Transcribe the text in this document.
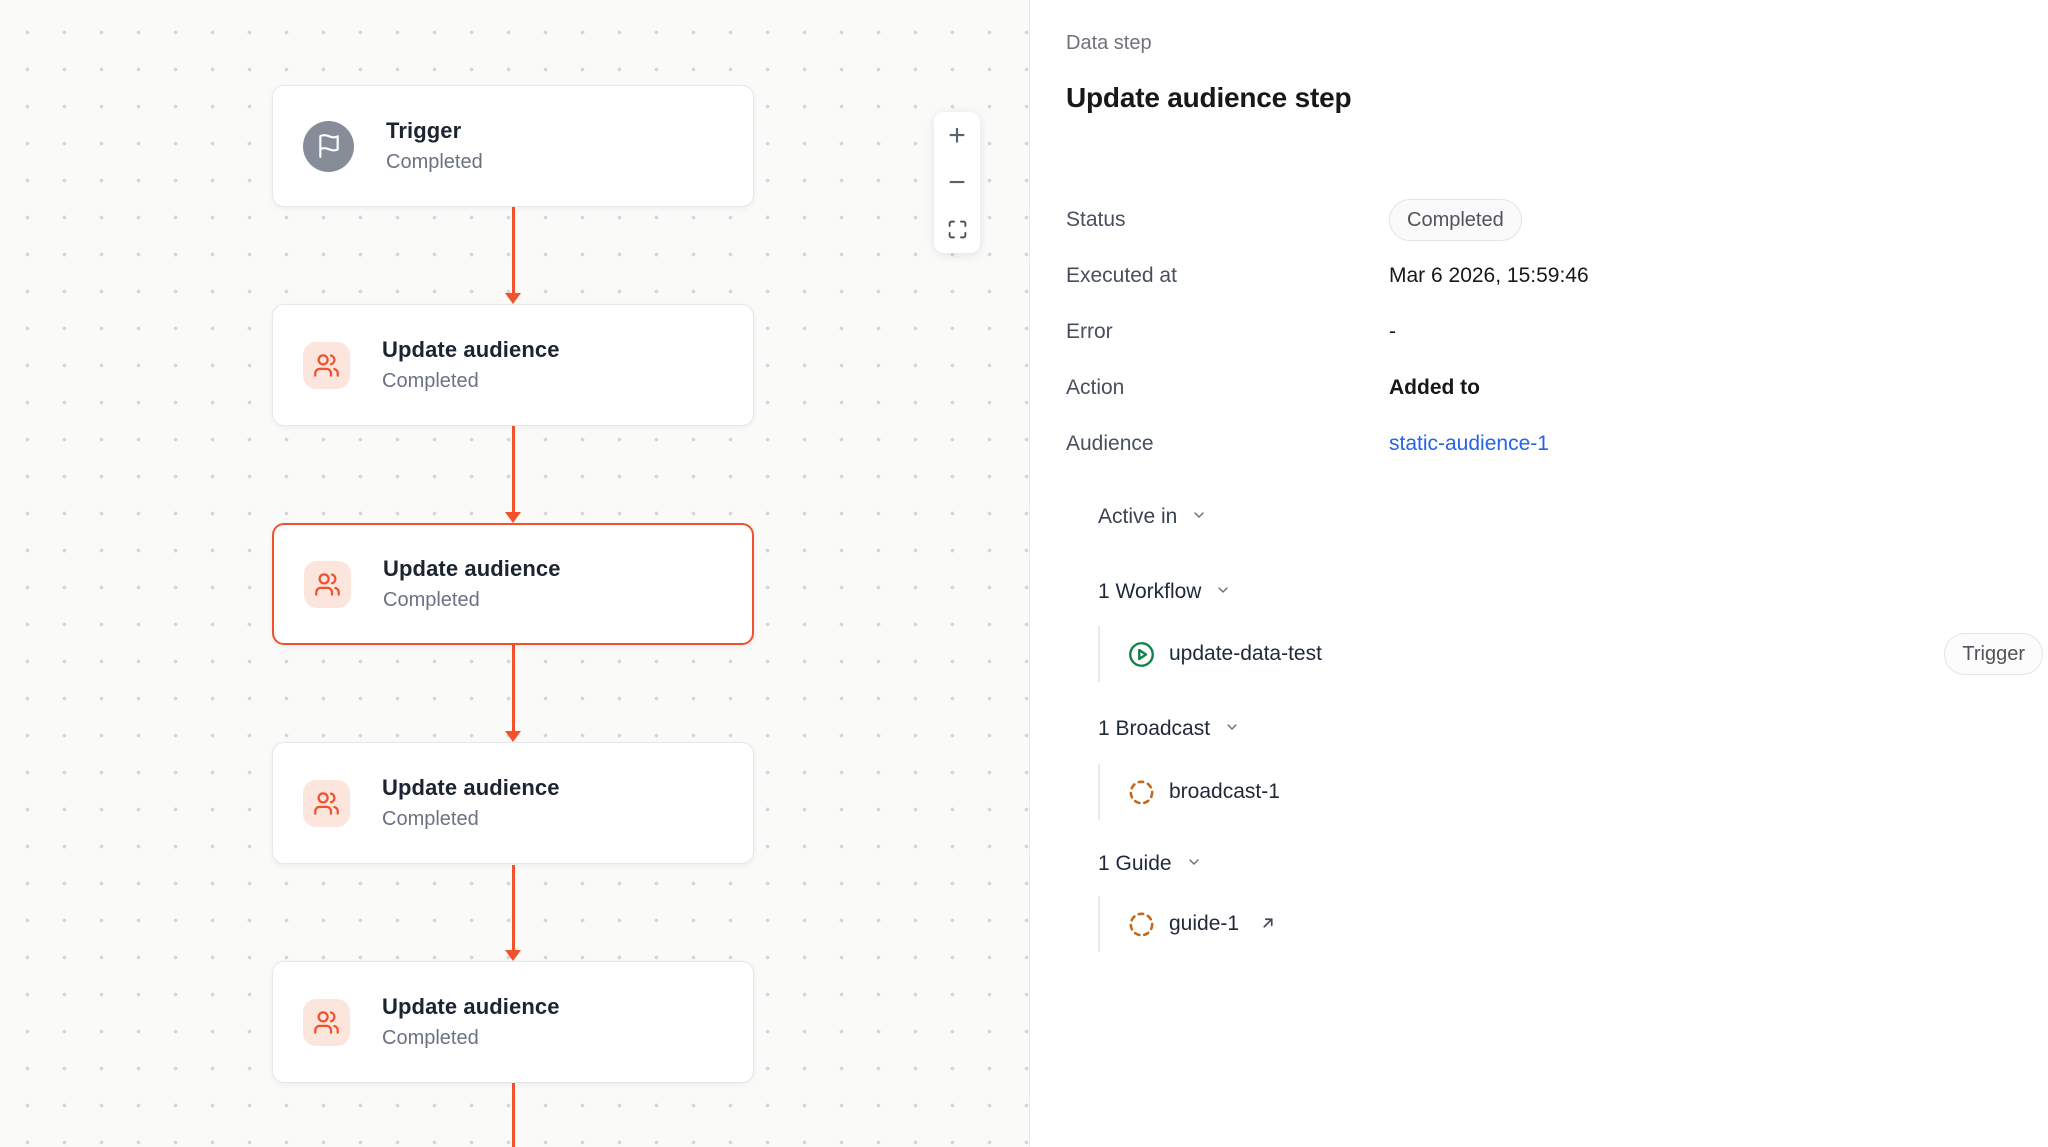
Trigger
Completed
Update audience
Completed
Update audience
Completed
Update audience
Completed
Update audience
Completed
+
−
Data step
Update audience step
Status	Completed
Executed at	Mar 6 2026, 15:59:46
Error	-
Action	Added to
Audience	static-audience-1
Active in
1 Workflow
update-data-test	Trigger
1 Broadcast
broadcast-1
1 Guide
guide-1
